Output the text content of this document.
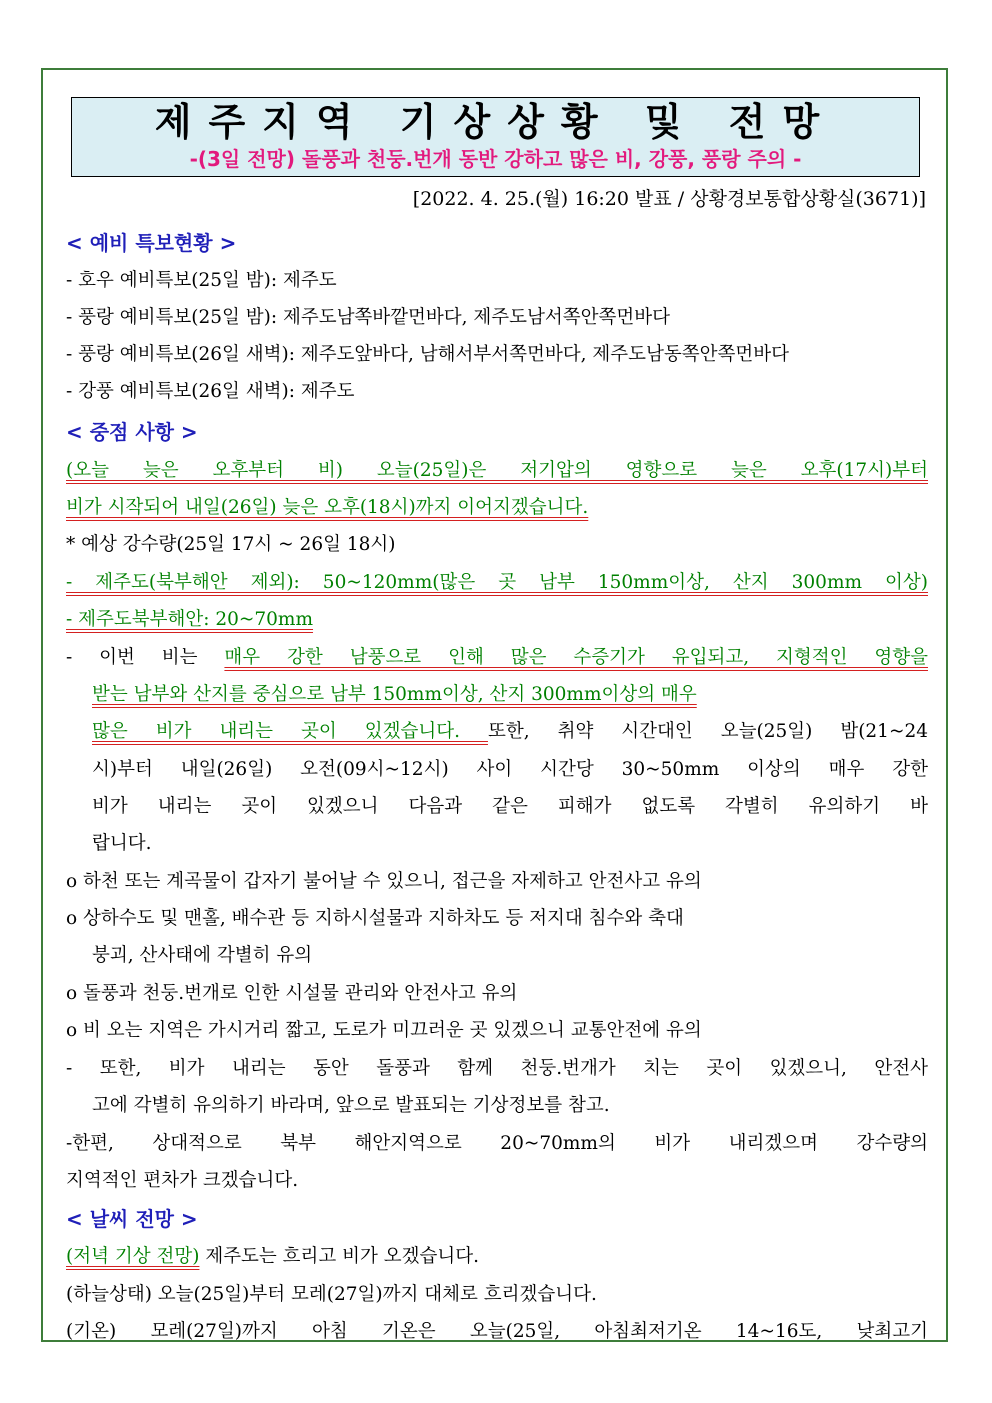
제주지역 기상상황 및 전망
-(3일 전망) 돌풍과 천둥.번개 동반 강하고 많은 비, 강풍, 풍랑 주의 -
[2022. 4. 25.(월) 16:20 발표 / 상황경보통합상황실(3671)]
< 예비 특보현황 >
- 호우 예비특보(25일 밤): 제주도
- 풍랑 예비특보(25일 밤): 제주도남쪽바깥먼바다, 제주도남서쪽안쪽먼바다
- 풍랑 예비특보(26일 새벽): 제주도앞바다, 남해서부서쪽먼바다, 제주도남동쪽안쪽먼바다
- 강풍 예비특보(26일 새벽): 제주도
< 중점 사항 >
(오늘 늦은 오후부터 비) 오늘(25일)은 저기압의 영향으로 늦은 오후(17시)부터
비가 시작되어 내일(26일) 늦은 오후(18시)까지 이어지겠습니다.
* 예상 강수량(25일 17시 ~ 26일 18시)
- 제주도(북부해안 제외): 50~120mm(많은 곳 남부 150mm이상, 산지 300mm 이상)
- 제주도북부해안: 20~70mm
- 이번 비는 매우 강한 남풍으로 인해 많은 수증기가 유입되고, 지형적인 영향을
받는 남부와 산지를 중심으로 남부 150mm이상, 산지 300mm이상의 매우
많은 비가 내리는 곳이 있겠습니다. 또한, 취약 시간대인 오늘(25일) 밤(21~24
시)부터 내일(26일) 오전(09시~12시) 사이 시간당 30~50mm 이상의 매우 강한
비가 내리는 곳이 있겠으니 다음과 같은 피해가 없도록 각별히 유의하기 바
랍니다.
o 하천 또는 계곡물이 갑자기 불어날 수 있으니, 접근을 자제하고 안전사고 유의
o 상하수도 및 맨홀, 배수관 등 지하시설물과 지하차도 등 저지대 침수와 축대
붕괴, 산사태에 각별히 유의
o 돌풍과 천둥.번개로 인한 시설물 관리와 안전사고 유의
o 비 오는 지역은 가시거리 짧고, 도로가 미끄러운 곳 있겠으니 교통안전에 유의
- 또한, 비가 내리는 동안 돌풍과 함께 천둥.번개가 치는 곳이 있겠으니, 안전사
고에 각별히 유의하기 바라며, 앞으로 발표되는 기상정보를 참고.
-한편, 상대적으로 북부 해안지역으로 20~70mm의 비가 내리겠으며 강수량의
지역적인 편차가 크겠습니다.
< 날씨 전망 >
(저녁 기상 전망) 제주도는 흐리고 비가 오겠습니다.
(하늘상태) 오늘(25일)부터 모레(27일)까지 대체로 흐리겠습니다.
(기온) 모레(27일)까지 아침 기온은 오늘(25일, 아침최저기온 14~16도, 낮최고기
